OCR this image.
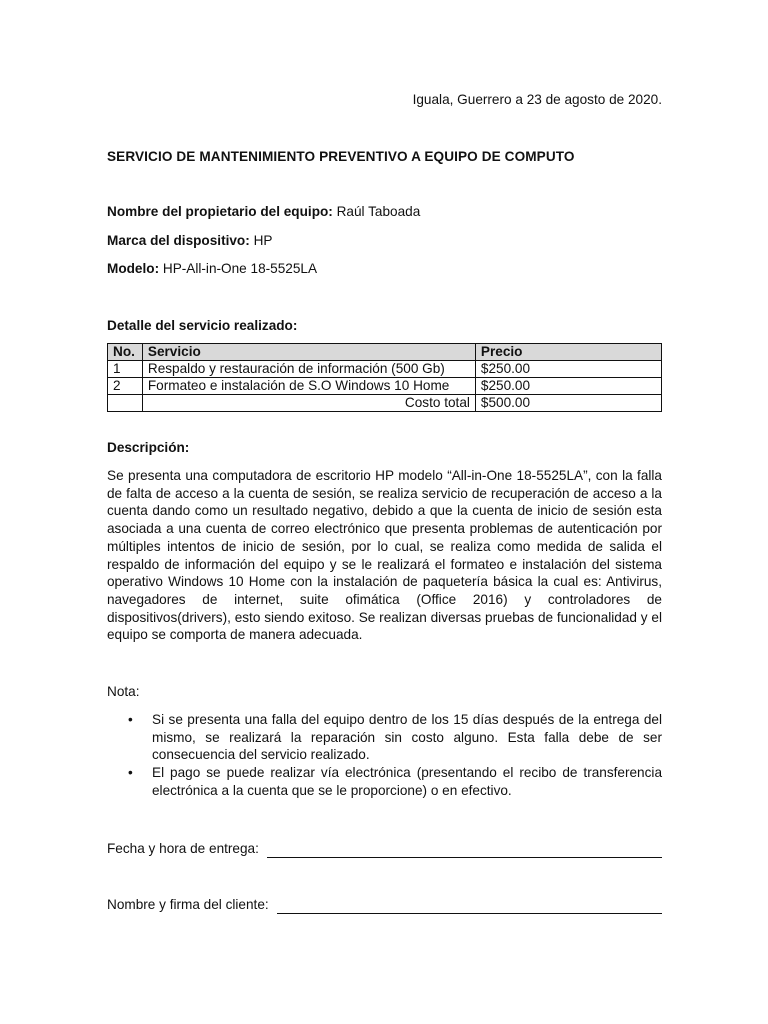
Iguala, Guerrero a 23 de agosto de 2020.
SERVICIO DE MANTENIMIENTO PREVENTIVO A EQUIPO DE COMPUTO
Nombre del propietario del equipo: Raúl Taboada
Marca del dispositivo: HP
Modelo: HP-All-in-One 18-5525LA
Detalle del servicio realizado:
No.	Servicio	Precio
1	Respaldo y restauración de información (500 Gb)	$250.00
2	Formateo e instalación de S.O Windows 10 Home	$250.00
	Costo total	$500.00
Descripción:
Se presenta una computadora de escritorio HP modelo “All-in-One 18-5525LA”, con la falla de falta de acceso a la cuenta de sesión, se realiza servicio de recuperación de acceso a la cuenta dando como un resultado negativo, debido a que la cuenta de inicio de sesión esta asociada a una cuenta de correo electrónico que presenta problemas de autenticación por múltiples intentos de inicio de sesión, por lo cual, se realiza como medida de salida el respaldo de información del equipo y se le realizará el formateo e instalación del sistema operativo Windows 10 Home con la instalación de paquetería básica la cual es: Antivirus, navegadores de internet, suite ofimática (Office 2016) y controladores de dispositivos(drivers), esto siendo exitoso. Se realizan diversas pruebas de funcionalidad y el equipo se comporta de manera adecuada.
Nota:
• Si se presenta una falla del equipo dentro de los 15 días después de la entrega del mismo, se realizará la reparación sin costo alguno. Esta falla debe de ser consecuencia del servicio realizado.
• El pago se puede realizar vía electrónica (presentando el recibo de transferencia electrónica a la cuenta que se le proporcione) o en efectivo.
Fecha y hora de entrega:
Nombre y firma del cliente:
